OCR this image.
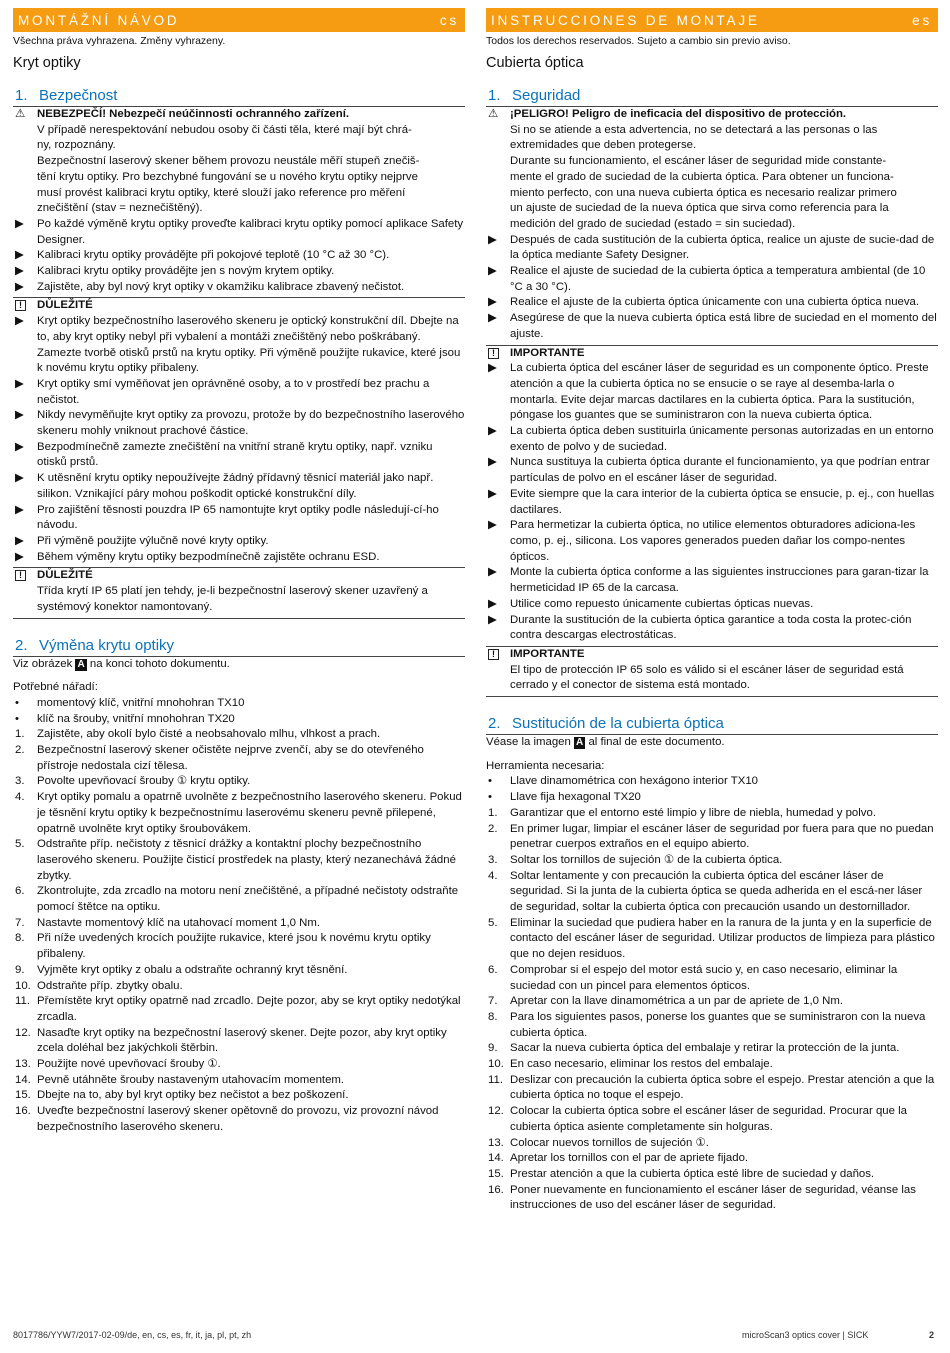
MONTÁŽNÍ NÁVOD	cs
Všechna práva vyhrazena. Změny vyhrazeny.
Kryt optiky
1. Bezpečnost
⚠	NEBEZPEČÍ! Nebezpečí neúčinnosti ochranného zařízení.
V případě nerespektování nebudou osoby či části těla, které mají být chrá-
ny, rozpoznány.
Bezpečnostní laserový skener během provozu neustále měří stupeň znečiš-
tění krytu optiky. Pro bezchybné fungování se u nového krytu optiky nejprve
musí provést kalibraci krytu optiky, které slouží jako reference pro měření
znečištění (stav = neznečištěný).
▶	Po každé výměně krytu optiky proveďte kalibraci krytu optiky pomocí aplikace Safety Designer.
▶	Kalibraci krytu optiky provádějte při pokojové teplotě (10 °C až 30 °C).
▶	Kalibraci krytu optiky provádějte jen s novým krytem optiky.
▶	Zajistěte, aby byl nový kryt optiky v okamžiku kalibrace zbavený nečistot.
!	DŮLEŽITÉ
▶	Kryt optiky bezpečnostního laserového skeneru je optický konstrukční díl. Dbejte na to, aby kryt optiky nebyl při vybalení a montáži znečištěný nebo poškrábaný. Zamezte tvorbě otisků prstů na krytu optiky. Při výměně použijte rukavice, které jsou k novému krytu optiky přibaleny.
▶	Kryt optiky smí vyměňovat jen oprávněné osoby, a to v prostředí bez prachu a nečistot.
▶	Nikdy nevyměňujte kryt optiky za provozu, protože by do bezpečnostního laserového skeneru mohly vniknout prachové částice.
▶	Bezpodmínečně zamezte znečištění na vnitřní straně krytu optiky, např. vzniku otisků prstů.
▶	K utěsnění krytu optiky nepoužívejte žádný přídavný těsnicí materiál jako např. silikon. Vznikající páry mohou poškodit optické konstrukční díly.
▶	Pro zajištění těsnosti pouzdra IP 65 namontujte kryt optiky podle následují-cí-ho návodu.
▶	Při výměně použijte výlučně nové kryty optiky.
▶	Během výměny krytu optiky bezpodmínečně zajistěte ochranu ESD.
!	DŮLEŽITÉ
Třída krytí IP 65 platí jen tehdy, je-li bezpečnostní laserový skener uzavřený a systémový konektor namontovaný.
2. Výměna krytu optiky
Viz obrázek A na konci tohoto dokumentu.
Potřebné nářadí:
•	momentový klíč, vnitřní mnohohran TX10
•	klíč na šrouby, vnitřní mnohohran TX20
1.	Zajistěte, aby okolí bylo čisté a neobsahovalo mlhu, vlhkost a prach.
2.	Bezpečnostní laserový skener očistěte nejprve zvenčí, aby se do otevřeného přístroje nedostala cizí tělesa.
3.	Povolte upevňovací šrouby ① krytu optiky.
4.	Kryt optiky pomalu a opatrně uvolněte z bezpečnostního laserového skeneru. Pokud je těsnění krytu optiky k bezpečnostnímu laserovému skeneru pevně přilepené, opatrně uvolněte kryt optiky šroubovákem.
5.	Odstraňte příp. nečistoty z těsnicí drážky a kontaktní plochy bezpečnostního laserového skeneru. Použijte čisticí prostředek na plasty, který nezanechává žádné zbytky.
6.	Zkontrolujte, zda zrcadlo na motoru není znečištěné, a případné nečistoty odstraňte pomocí štětce na optiku.
7.	Nastavte momentový klíč na utahovací moment 1,0 Nm.
8.	Při níže uvedených krocích použijte rukavice, které jsou k novému krytu optiky přibaleny.
9.	Vyjměte kryt optiky z obalu a odstraňte ochranný kryt těsnění.
10. Odstraňte příp. zbytky obalu.
11. Přemístěte kryt optiky opatrně nad zrcadlo. Dejte pozor, aby se kryt optiky nedotýkal zrcadla.
12. Nasaďte kryt optiky na bezpečnostní laserový skener. Dejte pozor, aby kryt optiky zcela doléhal bez jakýchkoli štěrbin.
13. Použijte nové upevňovací šrouby ①.
14. Pevně utáhněte šrouby nastaveným utahovacím momentem.
15. Dbejte na to, aby byl kryt optiky bez nečistot a bez poškození.
16. Uveďte bezpečnostní laserový skener opětovně do provozu, viz provozní návod bezpečnostního laserového skeneru.
INSTRUCCIONES DE MONTAJE	es
Todos los derechos reservados. Sujeto a cambio sin previo aviso.
Cubierta óptica
1. Seguridad
⚠	¡PELIGRO! Peligro de ineficacia del dispositivo de protección.
Si no se atiende a esta advertencia, no se detectará a las personas o las
extremidades que deben protegerse.
Durante su funcionamiento, el escáner láser de seguridad mide constante-
mente el grado de suciedad de la cubierta óptica. Para obtener un funciona-
miento perfecto, con una nueva cubierta óptica es necesario realizar primero
un ajuste de suciedad de la nueva óptica que sirva como referencia para la
medición del grado de suciedad (estado = sin suciedad).
▶	Después de cada sustitución de la cubierta óptica, realice un ajuste de sucie-dad de la óptica mediante Safety Designer.
▶	Realice el ajuste de suciedad de la cubierta óptica a temperatura ambiental (de 10 °C a 30 °C).
▶	Realice el ajuste de la cubierta óptica únicamente con una cubierta óptica nueva.
▶	Asegúrese de que la nueva cubierta óptica está libre de suciedad en el momento del ajuste.
!	IMPORTANTE
▶	La cubierta óptica del escáner láser de seguridad es un componente óptico. Preste atención a que la cubierta óptica no se ensucie o se raye al desemba-larla o montarla. Evite dejar marcas dactilares en la cubierta óptica. Para la sustitución, póngase los guantes que se suministraron con la nueva cubierta óptica.
▶	La cubierta óptica deben sustituirla únicamente personas autorizadas en un entorno exento de polvo y de suciedad.
▶	Nunca sustituya la cubierta óptica durante el funcionamiento, ya que podrían entrar partículas de polvo en el escáner láser de seguridad.
▶	Evite siempre que la cara interior de la cubierta óptica se ensucie, p. ej., con huellas dactilares.
▶	Para hermetizar la cubierta óptica, no utilice elementos obturadores adiciona-les como, p. ej., silicona. Los vapores generados pueden dañar los compo-nentes ópticos.
▶	Monte la cubierta óptica conforme a las siguientes instrucciones para garan-tizar la hermeticidad IP 65 de la carcasa.
▶	Utilice como repuesto únicamente cubiertas ópticas nuevas.
▶	Durante la sustitución de la cubierta óptica garantice a toda costa la protec-ción contra descargas electrostáticas.
!	IMPORTANTE
El tipo de protección IP 65 solo es válido si el escáner láser de seguridad está cerrado y el conector de sistema está montado.
2. Sustitución de la cubierta óptica
Véase la imagen A al final de este documento.
Herramienta necesaria:
•	Llave dinamométrica con hexágono interior TX10
•	Llave fija hexagonal TX20
1.	Garantizar que el entorno esté limpio y libre de niebla, humedad y polvo.
2.	En primer lugar, limpiar el escáner láser de seguridad por fuera para que no puedan penetrar cuerpos extraños en el equipo abierto.
3.	Soltar los tornillos de sujeción ① de la cubierta óptica.
4.	Soltar lentamente y con precaución la cubierta óptica del escáner láser de seguridad. Si la junta de la cubierta óptica se queda adherida en el escá-ner láser de seguridad, soltar la cubierta óptica con precaución usando un destornillador.
5.	Eliminar la suciedad que pudiera haber en la ranura de la junta y en la superficie de contacto del escáner láser de seguridad. Utilizar productos de limpieza para plástico que no dejen residuos.
6.	Comprobar si el espejo del motor está sucio y, en caso necesario, eliminar la suciedad con un pincel para elementos ópticos.
7.	Apretar con la llave dinamométrica a un par de apriete de 1,0 Nm.
8.	Para los siguientes pasos, ponerse los guantes que se suministraron con la nueva cubierta óptica.
9.	Sacar la nueva cubierta óptica del embalaje y retirar la protección de la junta.
10. En caso necesario, eliminar los restos del embalaje.
11. Deslizar con precaución la cubierta óptica sobre el espejo. Prestar atención a que la cubierta óptica no toque el espejo.
12. Colocar la cubierta óptica sobre el escáner láser de seguridad. Procurar que la cubierta óptica asiente completamente sin holguras.
13. Colocar nuevos tornillos de sujeción ①.
14. Apretar los tornillos con el par de apriete fijado.
15. Prestar atención a que la cubierta óptica esté libre de suciedad y daños.
16. Poner nuevamente en funcionamiento el escáner láser de seguridad, véanse las instrucciones de uso del escáner láser de seguridad.
8017786/YYW7/2017-02-09/de, en, cs, es, fr, it, ja, pl, pt, zh	microScan3 optics cover | SICK	2
